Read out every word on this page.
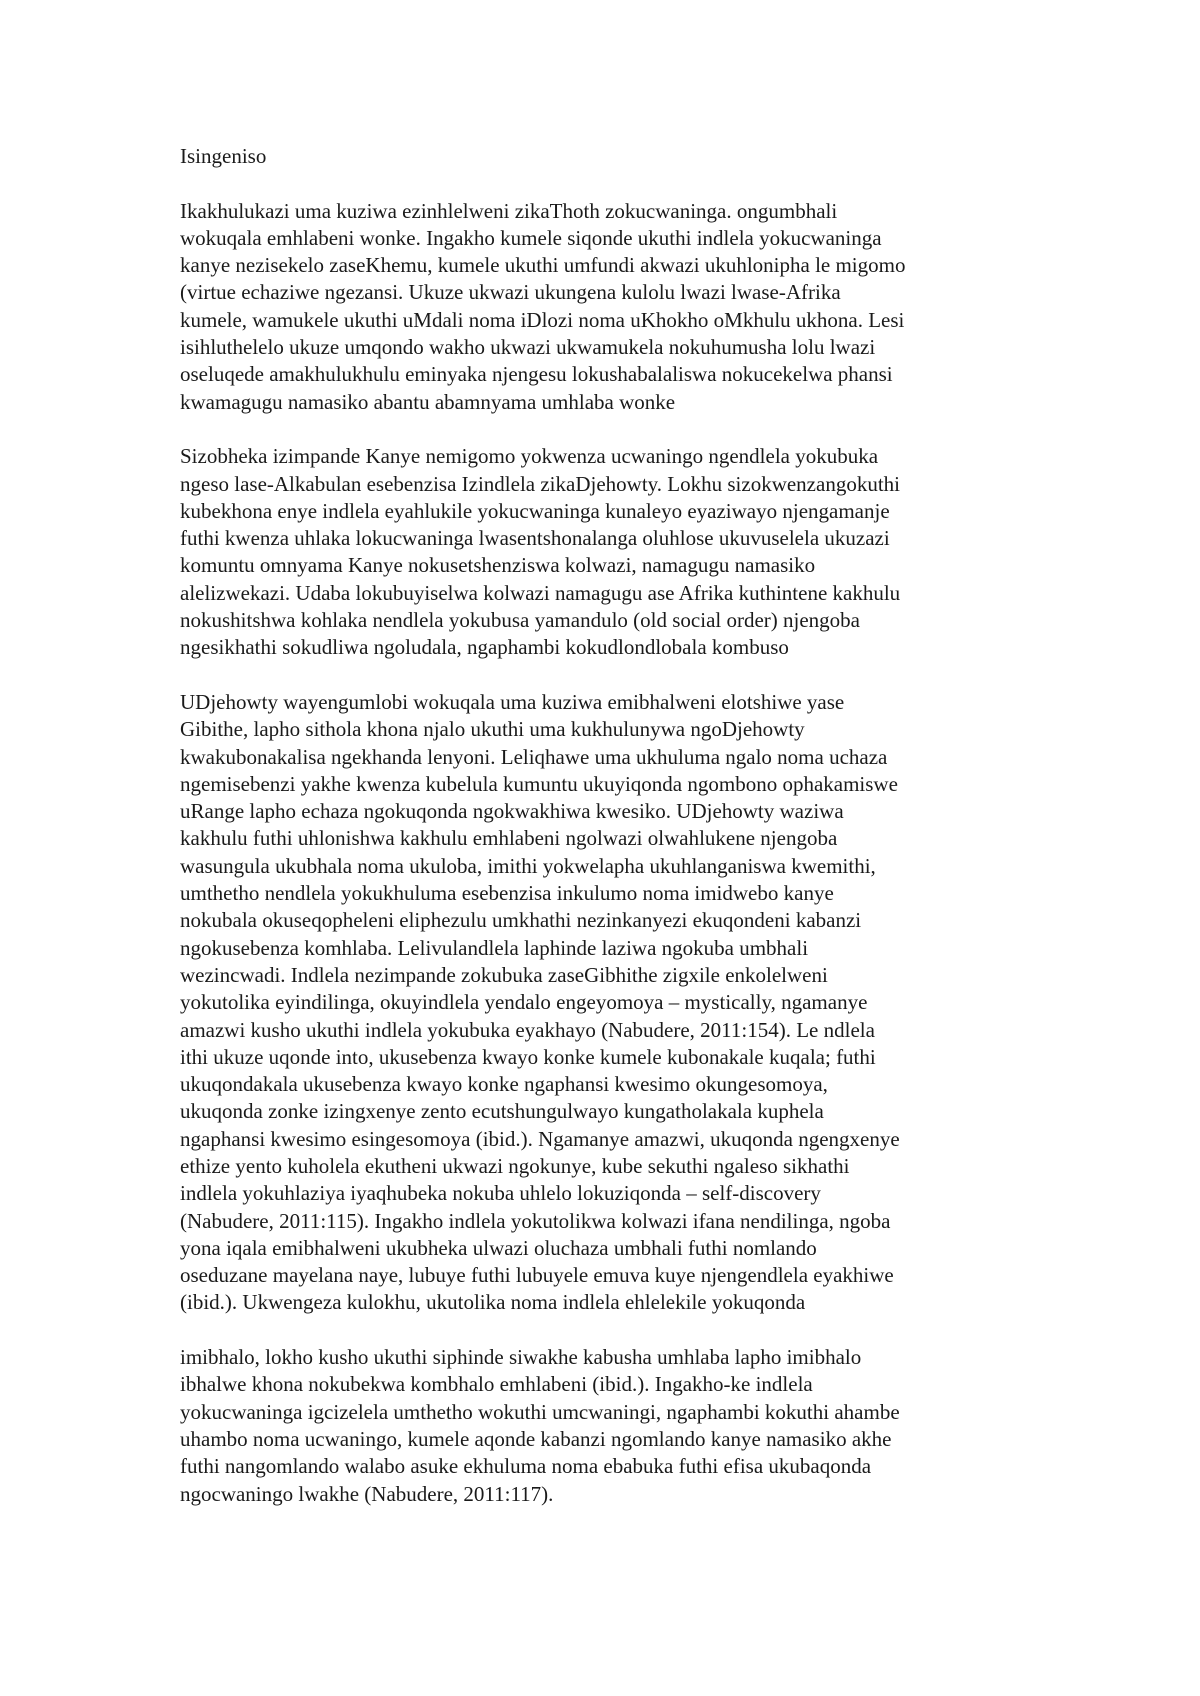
Isingeniso

Ikakhulukazi uma kuziwa ezinhlelweni zikaThoth zokucwaninga. ongumbhali
wokuqala emhlabeni wonke. Ingakho kumele siqonde ukuthi indlela yokucwaninga
kanye nezisekelo zaseKhemu, kumele ukuthi umfundi akwazi ukuhlonipha le migomo
(virtue echaziwe ngezansi. Ukuze ukwazi ukungena kulolu lwazi lwase-Afrika
kumele, wamukele ukuthi uMdali noma iDlozi noma uKhokho oMkhulu ukhona. Lesi
isihluthelelo ukuze umqondo wakho ukwazi ukwamukela nokuhumusha lolu lwazi
oseluqede amakhulukhulu eminyaka njengesu lokushabalaliswa nokucekelwa phansi
kwamagugu namasiko abantu abamnyama umhlaba wonke

Sizobheka izimpande Kanye nemigomo yokwenza ucwaningo ngendlela yokubuka
ngeso lase-Alkabulan esebenzisa Izindlela zikaDjehowty. Lokhu sizokwenzangokuthi
kubekhona enye indlela eyahlukile yokucwaninga kunaleyo eyaziwayo njengamanje
futhi kwenza uhlaka lokucwaninga lwasentshonalanga oluhlose ukuvuselela ukuzazi
komuntu omnyama Kanye nokusetshenziswa kolwazi, namagugu namasiko
alelizwekazi. Udaba lokubuyiselwa kolwazi namagugu ase Afrika kuthintene kakhulu
nokushitshwa kohlaka nendlela yokubusa yamandulo (old social order) njengoba
ngesikhathi sokudliwa ngoludala, ngaphambi kokudlondlobala kombuso

UDjehowty wayengumlobi wokuqala uma kuziwa emibhalweni elotshiwe yase
Gibithe, lapho sithola khona njalo ukuthi uma kukhulunywa ngoDjehowty
kwakubonakalisa ngekhanda lenyoni. Leliqhawe uma ukhuluma ngalo noma uchaza
ngemisebenzi yakhe kwenza kubelula kumuntu ukuyiqonda ngombono ophakamiswe
uRange lapho echaza ngokuqonda ngokwakhiwa kwesiko. UDjehowty waziwa
kakhulu futhi uhlonishwa kakhulu emhlabeni ngolwazi olwahlukene njengoba
wasungula ukubhala noma ukuloba, imithi yokwelapha ukuhlanganiswa kwemithi,
umthetho nendlela yokukhuluma esebenzisa inkulumo noma imidwebo kanye
nokubala okuseqopheleni eliphezulu umkhathi nezinkanyezi ekuqondeni kabanzi
ngokusebenza komhlaba. Lelivulandlela laphinde laziwa ngokuba umbhali
wezincwadi. Indlela nezimpande zokubuka zaseGibhithe zigxile enkolelweni
yokutolika eyindilinga, okuyindlela yendalo engeyomoya – mystically, ngamanye
amazwi kusho ukuthi indlela yokubuka eyakhayo (Nabudere, 2011:154). Le ndlela
ithi ukuze uqonde into, ukusebenza kwayo konke kumele kubonakale kuqala; futhi
ukuqondakala ukusebenza kwayo konke ngaphansi kwesimo okungesomoya,
ukuqonda zonke izingxenye zento ecutshungulwayo kungatholakala kuphela
ngaphansi kwesimo esingesomoya (ibid.). Ngamanye amazwi, ukuqonda ngengxenye
ethize yento kuholela ekutheni ukwazi ngokunye, kube sekuthi ngaleso sikhathi
indlela yokuhlaziya iyaqhubeka nokuba uhlelo lokuziqonda – self-discovery
(Nabudere, 2011:115). Ingakho indlela yokutolikwa kolwazi ifana nendilinga, ngoba
yona iqala emibhalweni ukubheka ulwazi oluchaza umbhali futhi nomlando
oseduzane mayelana naye, lubuye futhi lubuyele emuva kuye njengendlela eyakhiwe
(ibid.). Ukwengeza kulokhu, ukutolika noma indlela ehlelekile yokuqonda

imibhalo, lokho kusho ukuthi siphinde siwakhe kabusha umhlaba lapho imibhalo
ibhalwe khona nokubekwa kombhalo emhlabeni (ibid.). Ingakho-ke indlela
yokucwaninga igcizelela umthetho wokuthi umcwaningi, ngaphambi kokuthi ahambe
uhambo noma ucwaningo, kumele aqonde kabanzi ngomlando kanye namasiko akhe
futhi nangomlando walabo asuke ekhuluma noma ebabuka futhi efisa ukubaqonda
ngocwaningo lwakhe (Nabudere, 2011:117).
